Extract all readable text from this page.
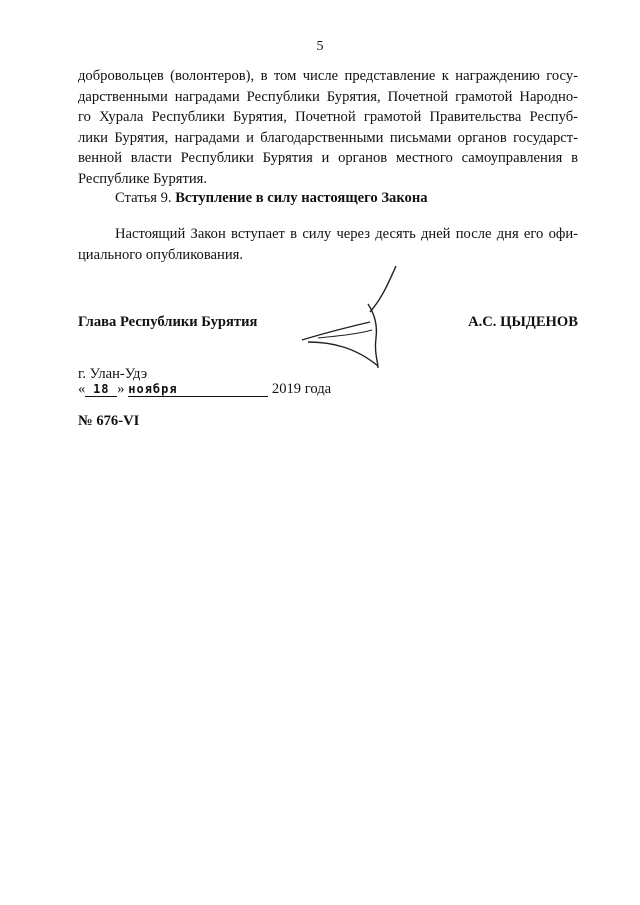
5
добровольцев (волонтеров), в том числе представление к награждению госу-
дарственными наградами Республики Бурятия, Почетной грамотой Народно-
го Хурала Республики Бурятия, Почетной грамотой Правительства Респуб-
лики Бурятия, наградами и благодарственными письмами органов государст-
венной власти Республики Бурятия и органов местного самоуправления в
Республике Бурятия.
Статья 9. Вступление в силу настоящего Закона
Настоящий Закон вступает в силу через десять дней после дня его офи-
циального опубликования.
Глава Республики Бурятия	А.С. ЦЫДЕНОВ
г. Улан-Удэ
« 18 » ноября	2019 года
№ 676-VI
